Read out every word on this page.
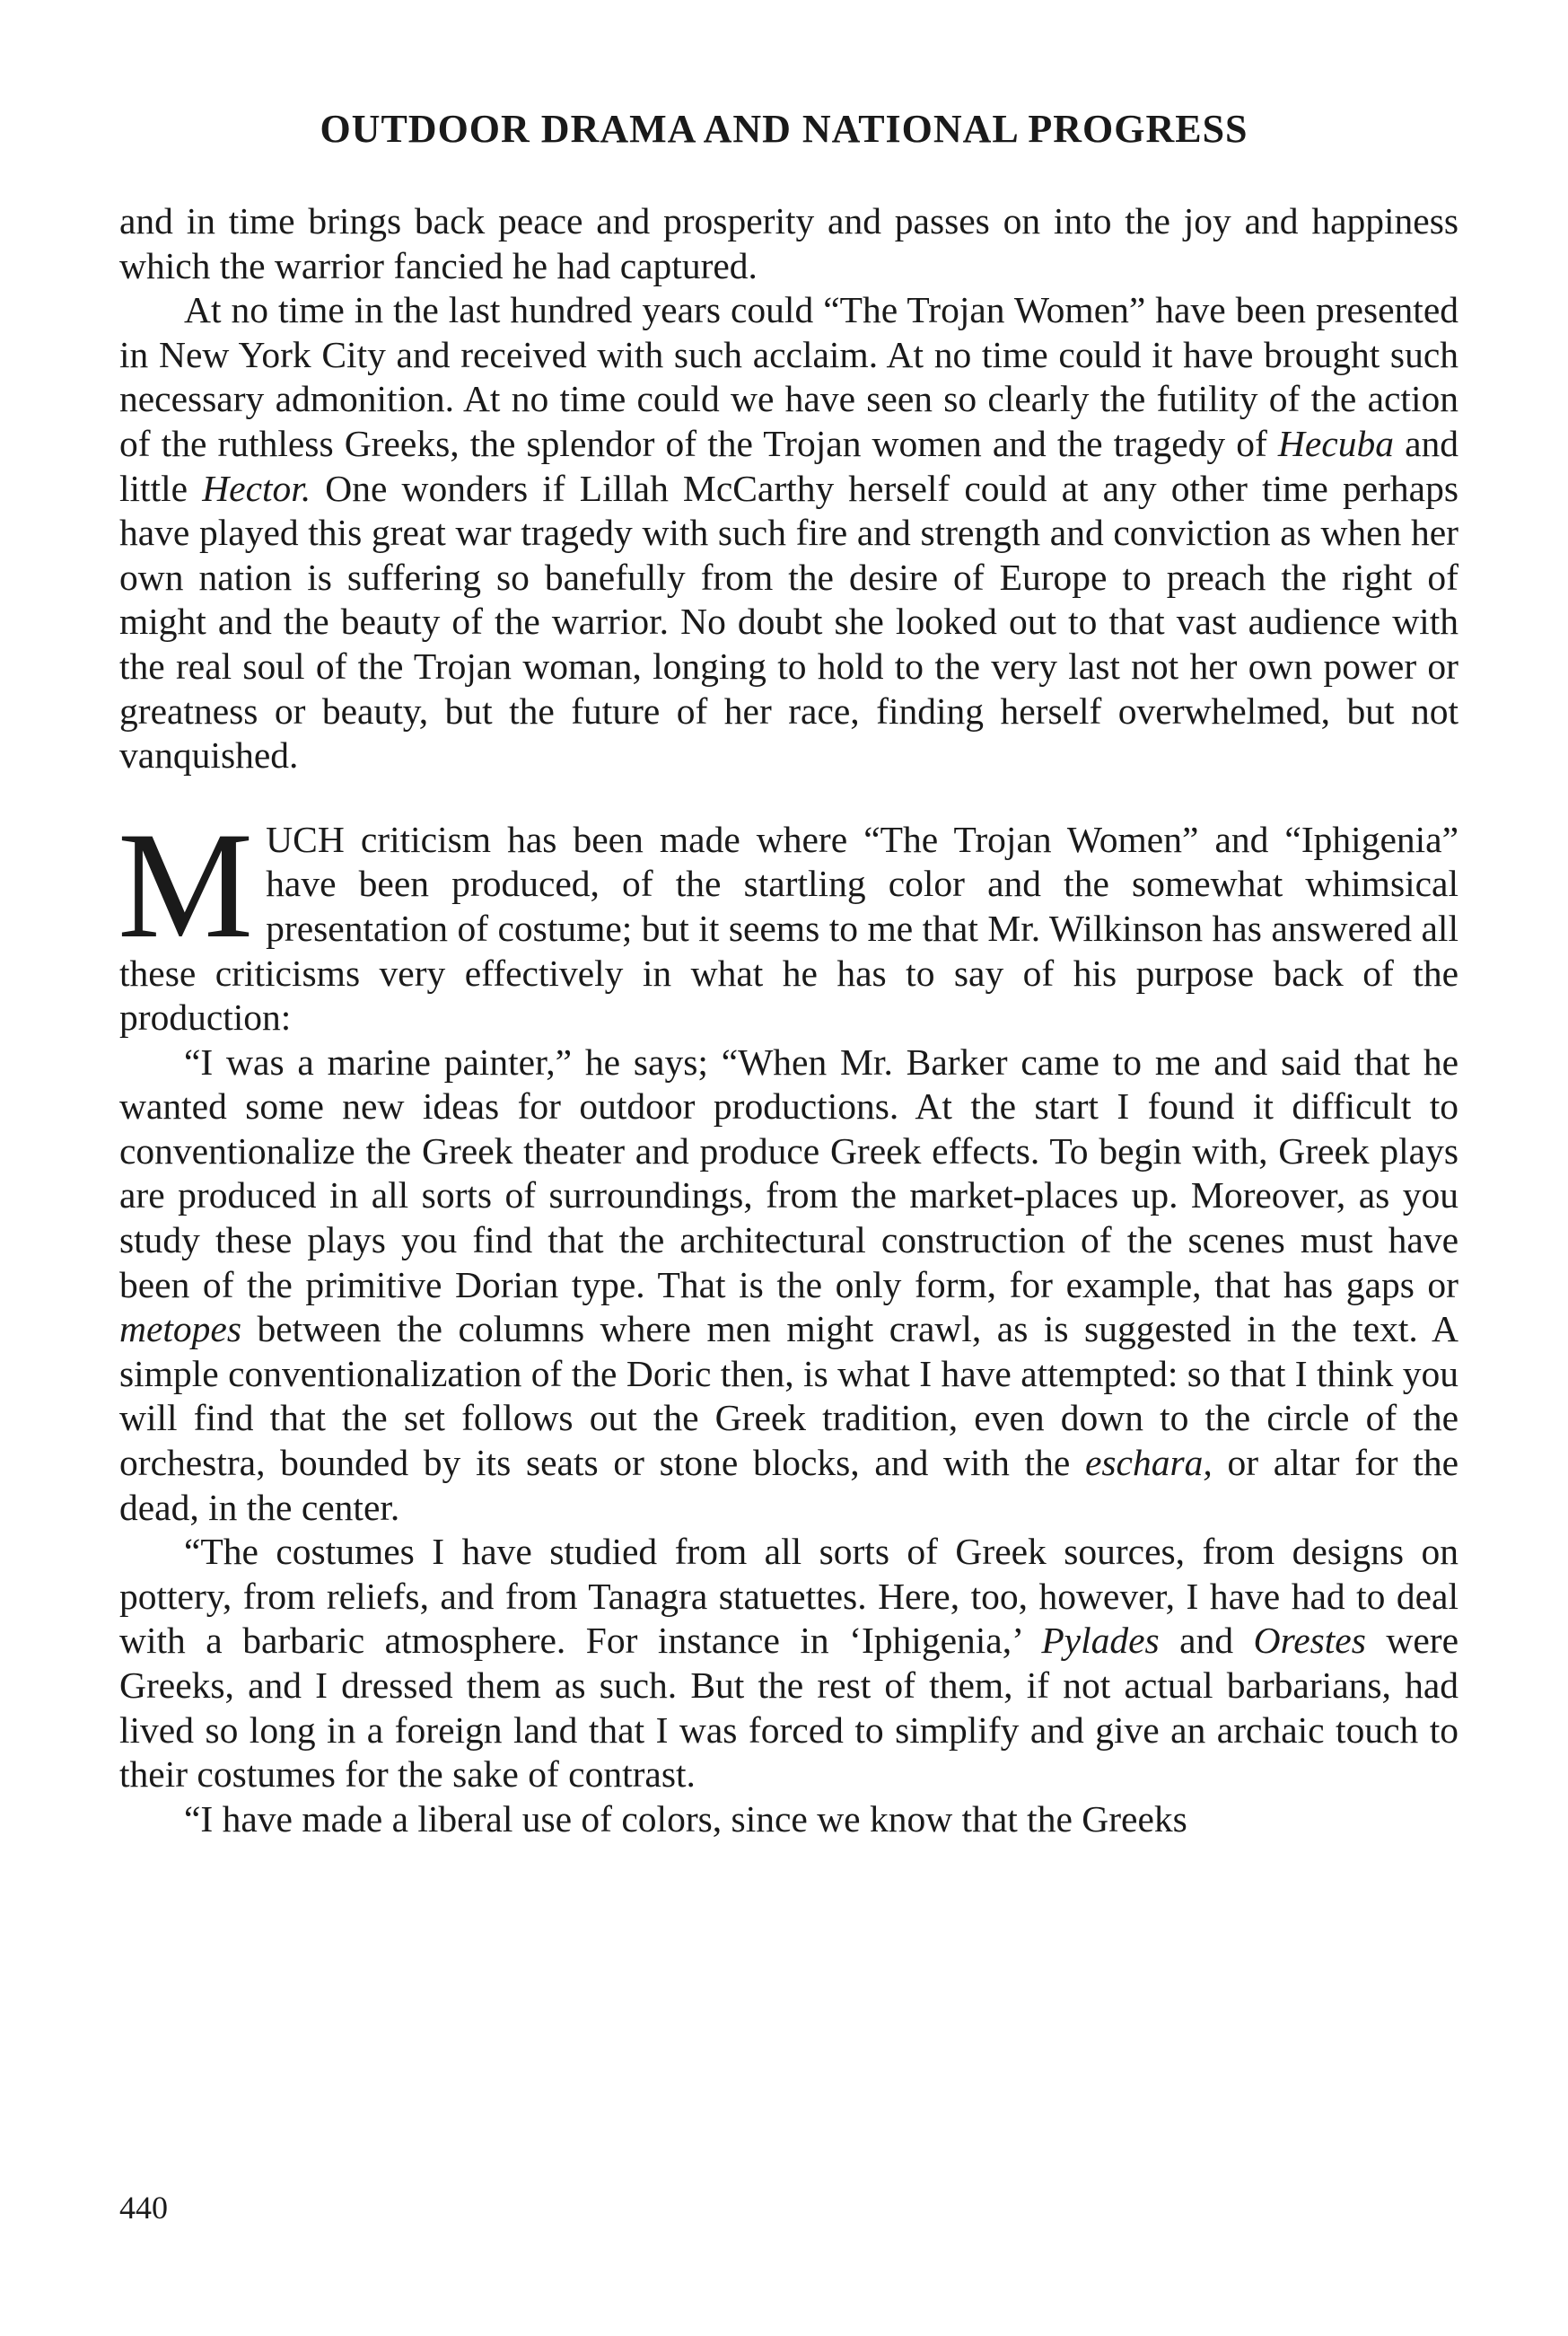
OUTDOOR DRAMA AND NATIONAL PROGRESS

and in time brings back peace and prosperity and passes on into the joy and happiness which the warrior fancied he had captured.

At no time in the last hundred years could “The Trojan Women” have been presented in New York City and received with such acclaim. At no time could it have brought such necessary admonition. At no time could we have seen so clearly the futility of the action of the ruthless Greeks, the splendor of the Trojan women and the tragedy of Hecuba and little Hector. One wonders if Lillah McCarthy herself could at any other time perhaps have played this great war tragedy with such fire and strength and conviction as when her own nation is suffering so banefully from the desire of Europe to preach the right of might and the beauty of the warrior. No doubt she looked out to that vast audience with the real soul of the Trojan woman, longing to hold to the very last not her own power or greatness or beauty, but the future of her race, finding herself overwhelmed, but not vanquished.

MUCH criticism has been made where “The Trojan Women” and “Iphigenia” have been produced, of the startling color and the somewhat whimsical presentation of costume; but it seems to me that Mr. Wilkinson has answered all these criticisms very effectively in what he has to say of his purpose back of the production:

“I was a marine painter,” he says; “When Mr. Barker came to me and said that he wanted some new ideas for outdoor productions. At the start I found it difficult to conventionalize the Greek theater and produce Greek effects. To begin with, Greek plays are produced in all sorts of surroundings, from the market-places up. Moreover, as you study these plays you find that the architectural construction of the scenes must have been of the primitive Dorian type. That is the only form, for example, that has gaps or metopes between the columns where men might crawl, as is suggested in the text. A simple conventionalization of the Doric then, is what I have attempted: so that I think you will find that the set follows out the Greek tradition, even down to the circle of the orchestra, bounded by its seats or stone blocks, and with the eschara, or altar for the dead, in the center.

“The costumes I have studied from all sorts of Greek sources, from designs on pottery, from reliefs, and from Tanagra statuettes. Here, too, however, I have had to deal with a barbaric atmosphere. For instance in ‘Iphigenia,’ Pylades and Orestes were Greeks, and I dressed them as such. But the rest of them, if not actual barbarians, had lived so long in a foreign land that I was forced to simplify and give an archaic touch to their costumes for the sake of contrast.

“I have made a liberal use of colors, since we know that the Greeks

440
